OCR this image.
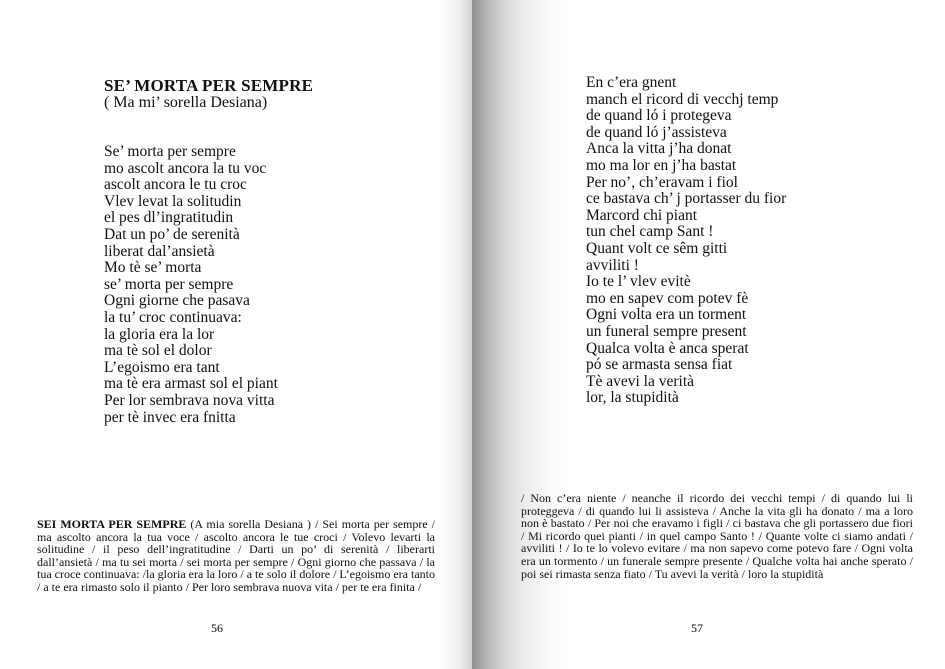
SE’ MORTA PER SEMPRE
( Ma mi’ sorella Desiana)
Se’ morta per sempre
mo ascolt ancora la tu voc
ascolt ancora le tu croc
Vlev levat la solitudin
el pes dl’ingratitudin
Dat un po’ de serenità
liberat dal’ansietà
Mo tè se’ morta
se’ morta per sempre
Ogni giorne che pasava
la tu’ croc continuava:
la gloria era la lor
ma tè sol el dolor
L’egoismo era tant
ma tè era armast sol el piant
Per lor sembrava nova vitta
per tè invec era fnitta

SEI MORTA PER SEMPRE (A mia sorella Desiana ) / Sei morta per sempre / ma ascolto ancora la tua voce / ascolto ancora le tue croci / Volevo levarti la solitudine / il peso dell’ingratitudine / Darti un po’ di serenità / liberarti dall’ansietà / ma tu sei morta / sei morta per sempre / Ogni giorno che passava / la tua croce continuava: /la gloria era la loro / a te solo il dolore / L’egoismo era tanto / a te era rimasto solo il pianto / Per loro sembrava nuova vita / per te era finita /

56
En c’era gnent
manch el ricord di vecchj temp
de quand ló i protegeva
de quand ló j’assisteva
Anca la vitta j’ha donat
mo ma lor en j’ha bastat
Per no’, ch’eravam i fiol
ce bastava ch’ j portasser du fior
Marcord chi piant
tun chel camp Sant !
Quant volt ce sêm gitti
avviliti !
Io te l’ vlev evitè
mo en sapev com potev fè
Ogni volta era un torment
un funeral sempre present
Qualca volta è anca sperat
pó se armasta sensa fiat
Tè avevi la verità
lor, la stupidità

/ Non c’era niente / neanche il ricordo dei vecchi tempi / di quando lui li proteggeva / di quando lui li assisteva / Anche la vita gli ha donato / ma a loro non è bastato / Per noi che eravamo i figli / ci bastava che gli portassero due fiori / Mi ricordo quei pianti / in quel campo Santo ! / Quante volte ci siamo andati / avviliti ! / Io te lo volevo evitare / ma non sapevo come potevo fare / Ogni volta era un tormento / un funerale sempre presente / Qualche volta hai anche sperato / poi sei rimasta senza fiato / Tu avevi la verità / loro la stupidità

57
